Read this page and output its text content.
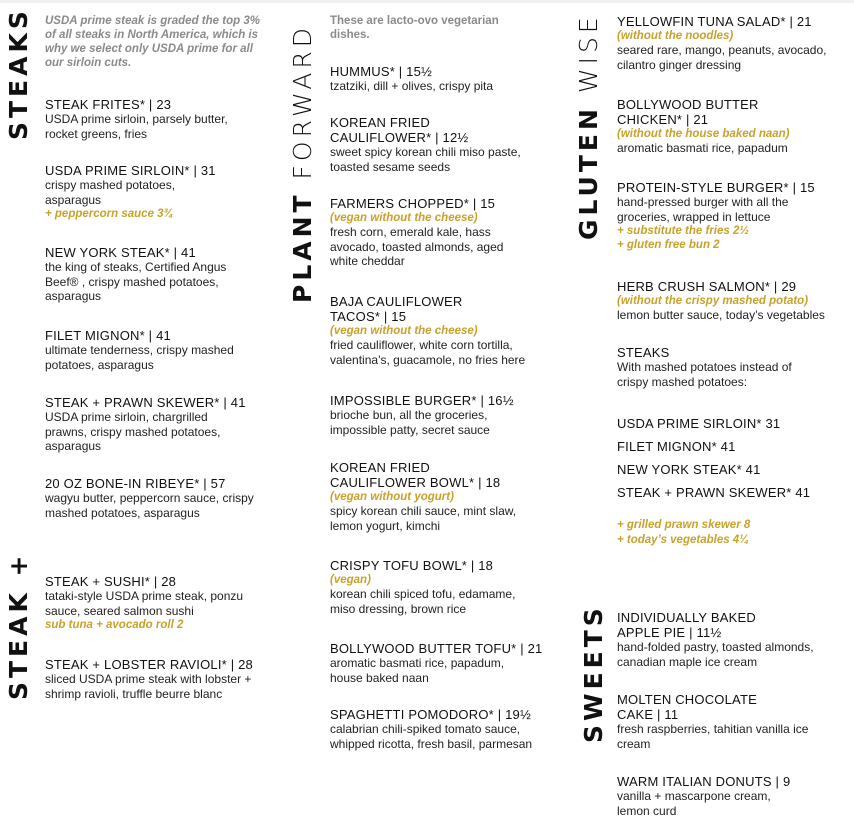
STEAKS
STEAK +
PLANT FORWARD	GLUTEN WISE
SWEETS
USDA prime steak is graded the top 3% of all steaks in North America, which is why we select only USDA prime for all our sirloin cuts.
STEAK FRITES* | 23
USDA prime sirloin, parsely butter, rocket greens, fries
USDA PRIME SIRLOIN* | 31
crispy mashed potatoes, asparagus
+ peppercorn sauce 3¾
NEW YORK STEAK* | 41
the king of steaks, Certified Angus Beef® , crispy mashed potatoes, asparagus
FILET MIGNON* | 41
ultimate tenderness, crispy mashed potatoes, asparagus
STEAK + PRAWN SKEWER* | 41
USDA prime sirloin, chargrilled prawns, crispy mashed potatoes, asparagus
20 OZ BONE-IN RIBEYE* | 57
wagyu butter, peppercorn sauce, crispy mashed potatoes, asparagus
STEAK + SUSHI* | 28
tataki-style USDA prime steak, ponzu sauce, seared salmon sushi
sub tuna + avocado roll 2
STEAK + LOBSTER RAVIOLI* | 28
sliced USDA prime steak with lobster + shrimp ravioli, truffle beurre blanc
These are lacto-ovo vegetarian dishes.
HUMMUS* | 15½
tzatziki, dill + olives, crispy pita
KOREAN FRIED CAULIFLOWER* | 12½
sweet spicy korean chili miso paste, toasted sesame seeds
FARMERS CHOPPED* | 15
(vegan without the cheese)
fresh corn, emerald kale, hass avocado, toasted almonds, aged white cheddar
BAJA CAULIFLOWER TACOS* | 15
(vegan without the cheese)
fried cauliflower, white corn tortilla, valentina’s, guacamole, no fries here
IMPOSSIBLE BURGER* | 16½
brioche bun, all the groceries, impossible patty, secret sauce
KOREAN FRIED CAULIFLOWER BOWL* | 18
(vegan without yogurt)
spicy korean chili sauce, mint slaw, lemon yogurt, kimchi
CRISPY TOFU BOWL* | 18
(vegan)
korean chili spiced tofu, edamame, miso dressing, brown rice
BOLLYWOOD BUTTER TOFU* | 21
aromatic basmati rice, papadum, house baked naan
SPAGHETTI POMODORO* | 19½
calabrian chili-spiked tomato sauce, whipped ricotta, fresh basil, parmesan
YELLOWFIN TUNA SALAD* | 21
(without the noodles)
seared rare, mango, peanuts, avocado, cilantro ginger dressing
BOLLYWOOD BUTTER CHICKEN* | 21
(without the house baked naan)
aromatic basmati rice, papadum
PROTEIN-STYLE BURGER* | 15
hand-pressed burger with all the groceries, wrapped in lettuce
+ substitute the fries 2½
+ gluten free bun 2
HERB CRUSH SALMON* | 29
(without the crispy mashed potato)
lemon butter sauce, today’s vegetables
STEAKS
With mashed potatoes instead of crispy mashed potatoes:
USDA PRIME SIRLOIN* 31
FILET MIGNON* 41
NEW YORK STEAK* 41
STEAK + PRAWN SKEWER* 41
+ grilled prawn skewer 8
+ today’s vegetables 4¼
INDIVIDUALLY BAKED APPLE PIE | 11½
hand-folded pastry, toasted almonds, canadian maple ice cream
MOLTEN CHOCOLATE CAKE | 11
fresh raspberries, tahitian vanilla ice cream
WARM ITALIAN DONUTS | 9
vanilla + mascarpone cream, lemon curd
